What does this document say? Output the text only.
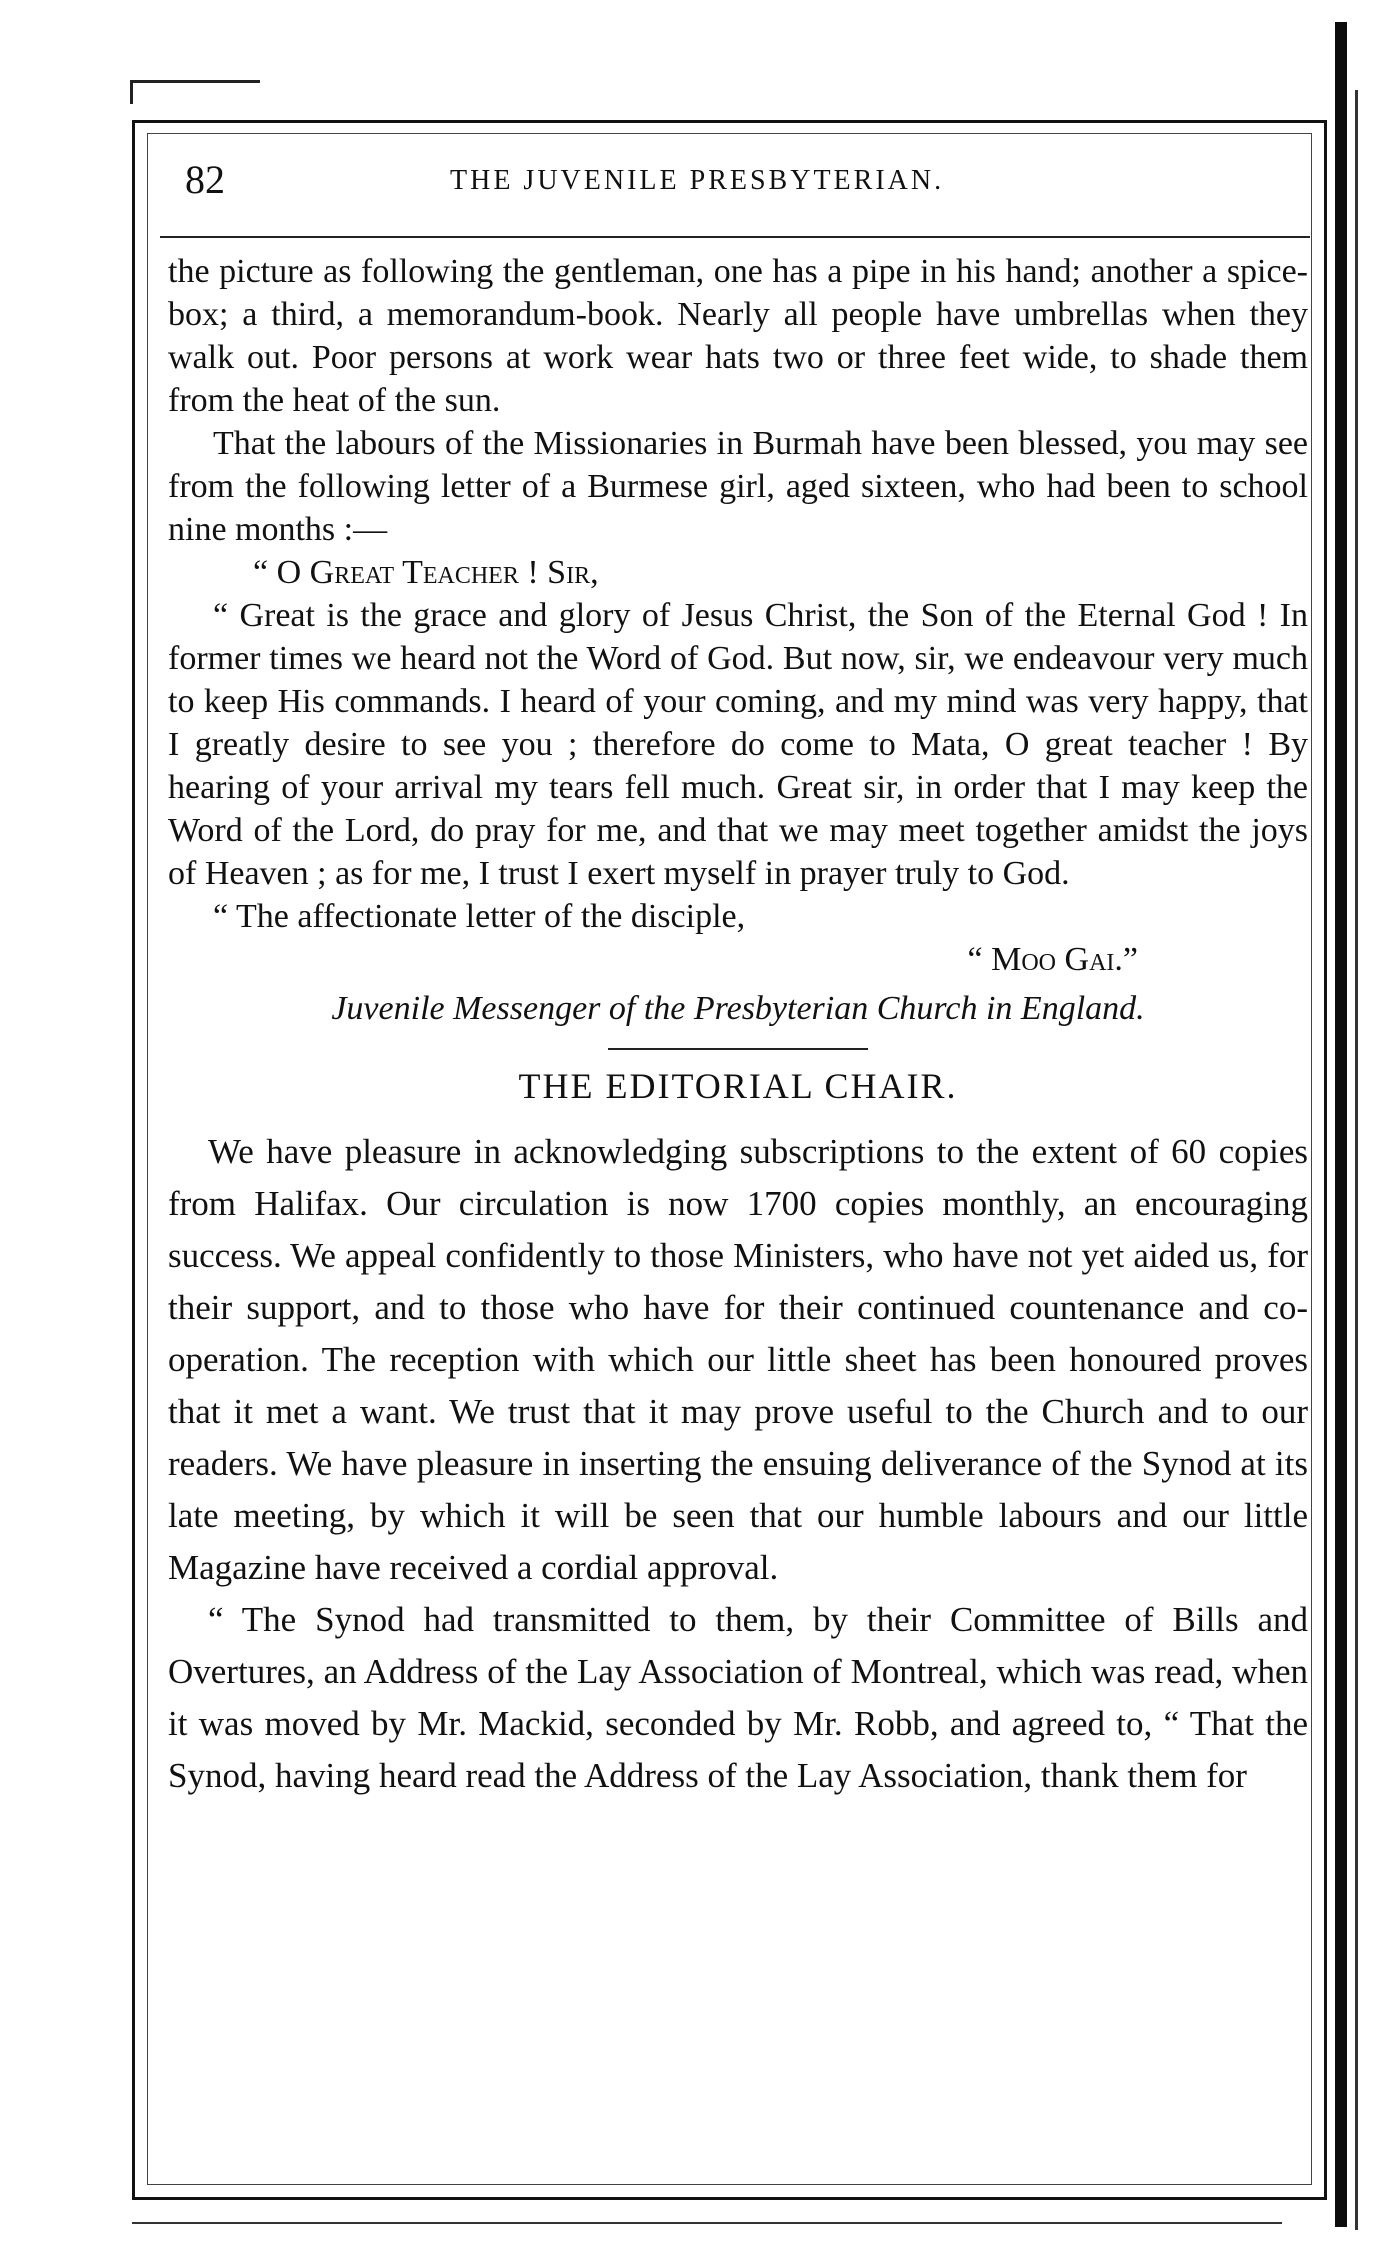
82	THE JUVENILE PRESBYTERIAN.

the picture as following the gentleman, one has a pipe in his hand; another a spice-box; a third, a memorandum-book. Nearly all people have umbrellas when they walk out. Poor persons at work wear hats two or three feet wide, to shade them from the heat of the sun.

That the labours of the Missionaries in Burmah have been blessed, you may see from the following letter of a Burmese girl, aged sixteen, who had been to school nine months :—

“ O Great Teacher ! Sir,

“ Great is the grace and glory of Jesus Christ, the Son of the Eternal God ! In former times we heard not the Word of God. But now, sir, we endeavour very much to keep His commands. I heard of your coming, and my mind was very happy, that I greatly desire to see you ; therefore do come to Mata, O great teacher ! By hearing of your arrival my tears fell much. Great sir, in order that I may keep the Word of the Lord, do pray for me, and that we may meet together amidst the joys of Heaven ; as for me, I trust I exert myself in prayer truly to God.

“ The affectionate letter of the disciple,

“ Moo Gai.”

Juvenile Messenger of the Presbyterian Church in England.

THE EDITORIAL CHAIR.

We have pleasure in acknowledging subscriptions to the extent of 60 copies from Halifax. Our circulation is now 1700 copies monthly, an encouraging success. We appeal confidently to those Ministers, who have not yet aided us, for their support, and to those who have for their continued countenance and co-operation. The reception with which our little sheet has been honoured proves that it met a want. We trust that it may prove useful to the Church and to our readers. We have pleasure in inserting the ensuing deliverance of the Synod at its late meeting, by which it will be seen that our humble labours and our little Magazine have received a cordial approval.

“ The Synod had transmitted to them, by their Committee of Bills and Overtures, an Address of the Lay Association of Montreal, which was read, when it was moved by Mr. Mackid, seconded by Mr. Robb, and agreed to, “ That the Synod, having heard read the Address of the Lay Association, thank them for
